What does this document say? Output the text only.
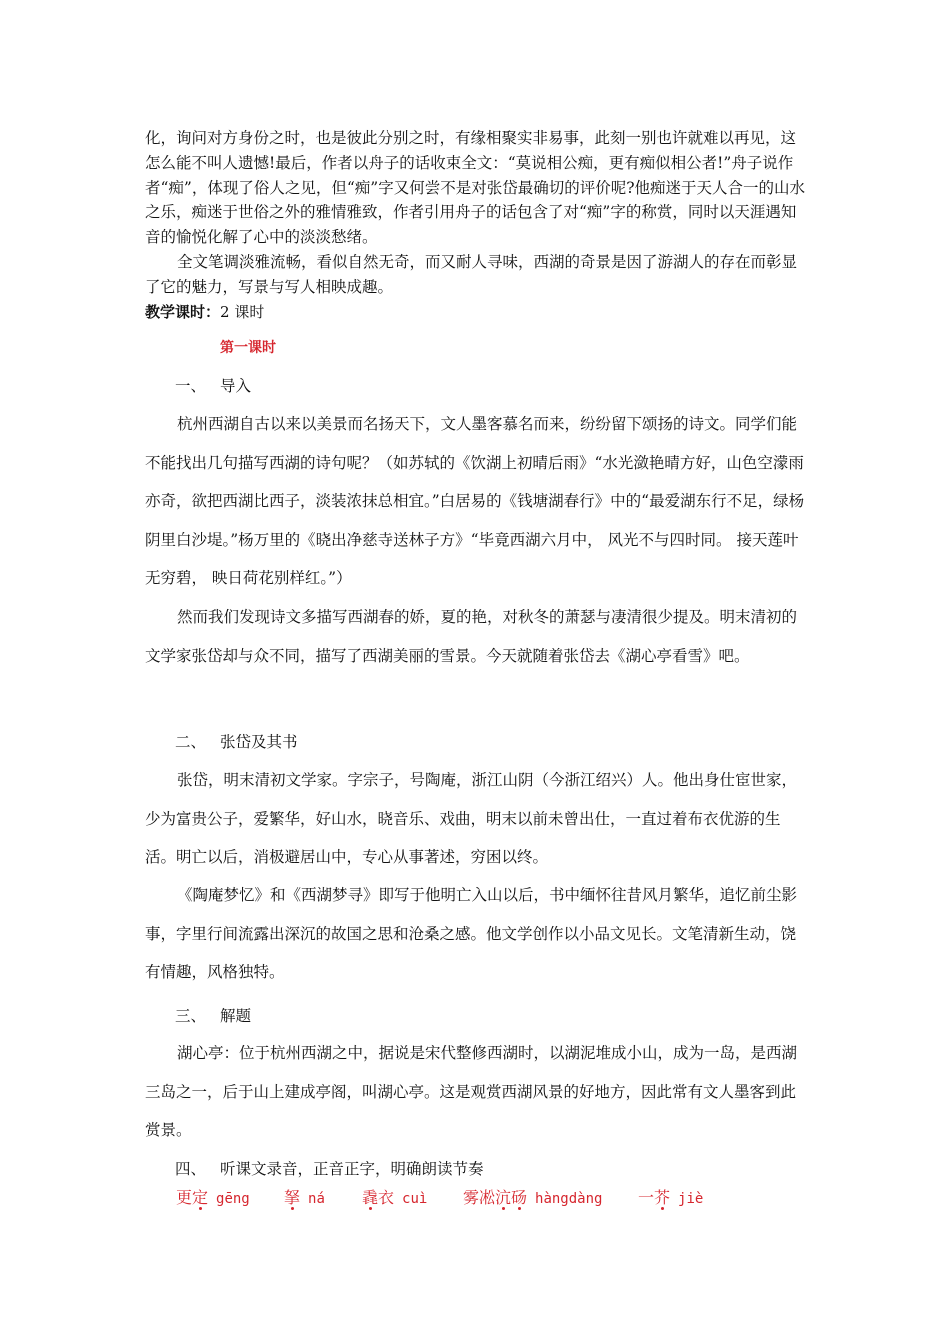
化，询问对方身份之时，也是彼此分别之时，有缘相聚实非易事，此刻一别也许就难以再见，这怎么能不叫人遗憾!最后，作者以舟子的话收束全文：“莫说相公痴，更有痴似相公者!”舟子说作者“痴”，体现了俗人之见，但“痴”字又何尝不是对张岱最确切的评价呢?他痴迷于天人合一的山水之乐，痴迷于世俗之外的雅情雅致，作者引用舟子的话包含了对“痴”字的称赏，同时以天涯遇知音的愉悦化解了心中的淡淡愁绪。

全文笔调淡雅流畅，看似自然无奇，而又耐人寻味，西湖的奇景是因了游湖人的存在而彰显了它的魅力，写景与写人相映成趣。

教学课时：2 课时

第一课时

一、 导入

杭州西湖自古以来以美景而名扬天下，文人墨客慕名而来，纷纷留下颂扬的诗文。同学们能不能找出几句描写西湖的诗句呢？（如苏轼的《饮湖上初晴后雨》“水光潋艳晴方好，山色空濛雨亦奇，欲把西湖比西子，淡装浓抹总相宜。”白居易的《钱塘湖春行》中的“最爱湖东行不足，绿杨阴里白沙堤。”杨万里的《晓出净慈寺送林子方》“毕竟西湖六月中， 风光不与四时同。 接天莲叶无穷碧， 映日荷花别样红。”）

然而我们发现诗文多描写西湖春的娇，夏的艳，对秋冬的萧瑟与凄清很少提及。明末清初的文学家张岱却与众不同，描写了西湖美丽的雪景。今天就随着张岱去《湖心亭看雪》吧。

二、 张岱及其书

张岱，明末清初文学家。字宗子，号陶庵，浙江山阴（今浙江绍兴）人。他出身仕宦世家，少为富贵公子，爱繁华，好山水，晓音乐、戏曲，明末以前未曾出仕，一直过着布衣优游的生活。明亡以后，消极避居山中，专心从事著述，穷困以终。

《陶庵梦忆》和《西湖梦寻》即写于他明亡入山以后，书中缅怀往昔风月繁华，追忆前尘影事，字里行间流露出深沉的故国之思和沧桑之感。他文学创作以小品文见长。文笔清新生动，饶有情趣，风格独特。

三、 解题

湖心亭：位于杭州西湖之中，据说是宋代整修西湖时，以湖泥堆成小山，成为一岛，是西湖三岛之一，后于山上建成亭阁，叫湖心亭。这是观赏西湖风景的好地方，因此常有文人墨客到此赏景。

四、 听课文录音，正音正字，明确朗读节奏

更定 gēng 拏 ná 毳衣 cuì 雾凇沆砀 hàngdàng 一芥 jiè
